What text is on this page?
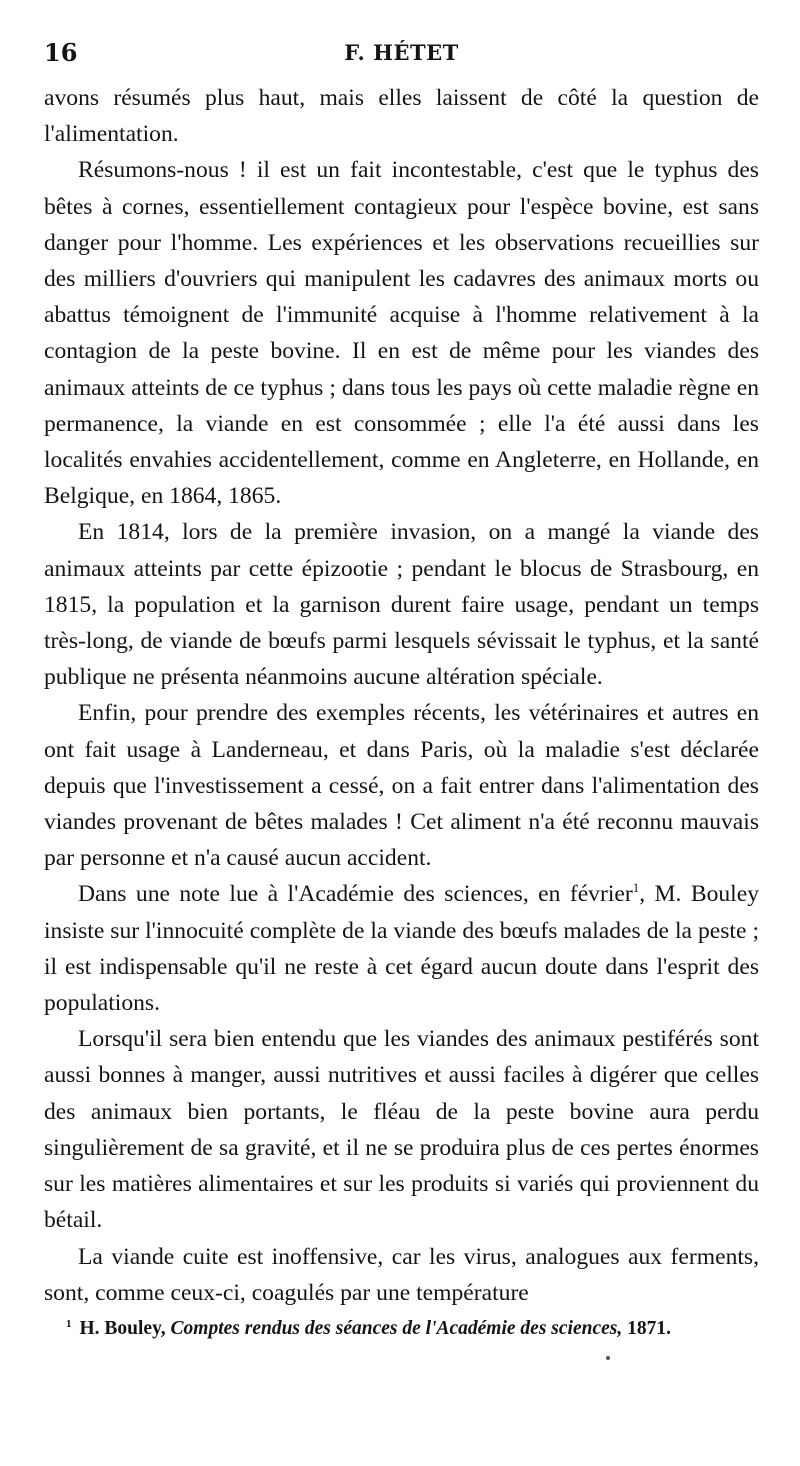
16	F. HÉTET

avons résumés plus haut, mais elles laissent de côté la question de l'alimentation.

Résumons-nous ! il est un fait incontestable, c'est que le typhus des bêtes à cornes, essentiellement contagieux pour l'espèce bovine, est sans danger pour l'homme. Les expériences et les observations recueillies sur des milliers d'ouvriers qui manipulent les cadavres des animaux morts ou abattus témoignent de l'immunité acquise à l'homme relativement à la contagion de la peste bovine. Il en est de même pour les viandes des animaux atteints de ce typhus ; dans tous les pays où cette maladie règne en permanence, la viande en est consommée ; elle l'a été aussi dans les localités envahies accidentellement, comme en Angleterre, en Hollande, en Belgique, en 1864, 1865.

En 1814, lors de la première invasion, on a mangé la viande des animaux atteints par cette épizootie ; pendant le blocus de Strasbourg, en 1815, la population et la garnison durent faire usage, pendant un temps très-long, de viande de bœufs parmi lesquels sévissait le typhus, et la santé publique ne présenta néanmoins aucune altération spéciale.

Enfin, pour prendre des exemples récents, les vétérinaires et autres en ont fait usage à Landerneau, et dans Paris, où la maladie s'est déclarée depuis que l'investissement a cessé, on a fait entrer dans l'alimentation des viandes provenant de bêtes malades ! Cet aliment n'a été reconnu mauvais par personne et n'a causé aucun accident.

Dans une note lue à l'Académie des sciences, en février$^1$, M. Bouley insiste sur l'innocuité complète de la viande des bœufs malades de la peste ; il est indispensable qu'il ne reste à cet égard aucun doute dans l'esprit des populations.

Lorsqu'il sera bien entendu que les viandes des animaux pestiférés sont aussi bonnes à manger, aussi nutritives et aussi faciles à digérer que celles des animaux bien portants, le fléau de la peste bovine aura perdu singulièrement de sa gravité, et il ne se produira plus de ces pertes énormes sur les matières alimentaires et sur les produits si variés qui proviennent du bétail.

La viande cuite est inoffensive, car les virus, analogues aux ferments, sont, comme ceux-ci, coagulés par une température

$^1$ H. Bouley, Comptes rendus des séances de l'Académie des sciences, 1871.
